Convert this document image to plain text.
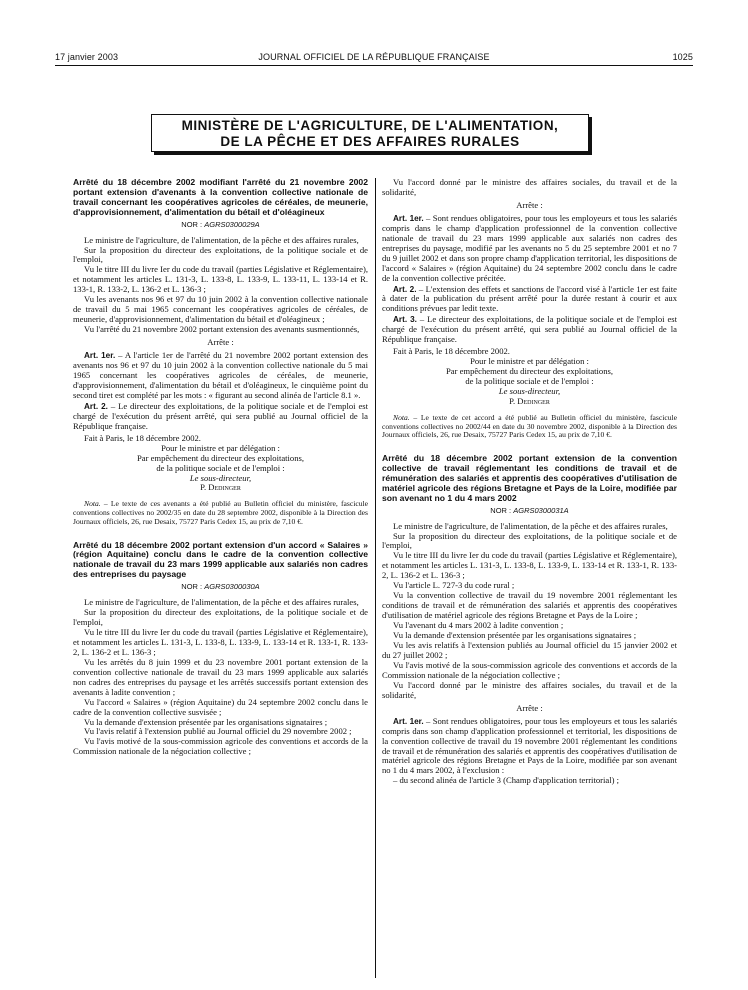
17 janvier 2003	JOURNAL OFFICIEL DE LA RÉPUBLIQUE FRANÇAISE	1025
MINISTÈRE DE L'AGRICULTURE, DE L'ALIMENTATION,
DE LA PÊCHE ET DES AFFAIRES RURALES

Arrêté du 18 décembre 2002 modifiant l'arrêté du 21 novembre 2002 portant extension d'avenants à la convention collective nationale de travail concernant les coopératives agricoles de céréales, de meunerie, d'approvisionnement, d'alimentation du bétail et d'oléagineux

NOR : AGRS0300029A

Le ministre de l'agriculture, de l'alimentation, de la pêche et des affaires rurales,

Sur la proposition du directeur des exploitations, de la politique sociale et de l'emploi,

Vu le titre III du livre Ier du code du travail (parties Législative et Réglementaire), et notamment les articles L. 131-3, L. 133-8, L. 133-9, L. 133-11, L. 133-14 et R. 133-1, R. 133-2, L. 136-2 et L. 136-3 ;

Vu les avenants nos 96 et 97 du 10 juin 2002 à la convention collective nationale de travail du 5 mai 1965 concernant les coopératives agricoles de céréales, de meunerie, d'approvisionnement, d'alimentation du bétail et d'oléagineux ;

Vu l'arrêté du 21 novembre 2002 portant extension des avenants susmentionnés,

Arrête :

Art. 1er. – A l'article 1er de l'arrêté du 21 novembre 2002 portant extension des avenants nos 96 et 97 du 10 juin 2002 à la convention collective nationale du 5 mai 1965 concernant les coopératives agricoles de céréales, de meunerie, d'approvisionnement, d'alimentation du bétail et d'oléagineux, le cinquième point du second tiret est complété par les mots : « figurant au second alinéa de l'article 8.1 ».

Art. 2. – Le directeur des exploitations, de la politique sociale et de l'emploi est chargé de l'exécution du présent arrêté, qui sera publié au Journal officiel de la République française.

Fait à Paris, le 18 décembre 2002.

Pour le ministre et par délégation :

Par empêchement du directeur des exploitations,

de la politique sociale et de l'emploi :

Le sous-directeur,

P. Dedinger

Nota. – Le texte de ces avenants a été publié au Bulletin officiel du ministère, fascicule conventions collectives no 2002/35 en date du 28 septembre 2002, disponible à la Direction des Journaux officiels, 26, rue Desaix, 75727 Paris Cedex 15, au prix de 7,10 €.

Arrêté du 18 décembre 2002 portant extension d'un accord « Salaires » (région Aquitaine) conclu dans le cadre de la convention collective nationale de travail du 23 mars 1999 applicable aux salariés non cadres des entreprises du paysage

NOR : AGRS0300030A

Le ministre de l'agriculture, de l'alimentation, de la pêche et des affaires rurales,

Sur la proposition du directeur des exploitations, de la politique sociale et de l'emploi,

Vu le titre III du livre Ier du code du travail (parties Législative et Réglementaire), et notamment les articles L. 131-3, L. 133-8, L. 133-9, L. 133-14 et R. 133-1, R. 133-2, L. 136-2 et L. 136-3 ;

Vu les arrêtés du 8 juin 1999 et du 23 novembre 2001 portant extension de la convention collective nationale de travail du 23 mars 1999 applicable aux salariés non cadres des entreprises du paysage et les arrêtés successifs portant extension des avenants à ladite convention ;

Vu l'accord « Salaires » (région Aquitaine) du 24 septembre 2002 conclu dans le cadre de la convention collective susvisée ;

Vu la demande d'extension présentée par les organisations signataires ;

Vu l'avis relatif à l'extension publié au Journal officiel du 29 novembre 2002 ;

Vu l'avis motivé de la sous-commission agricole des conventions et accords de la Commission nationale de la négociation collective ;

Vu l'accord donné par le ministre des affaires sociales, du travail et de la solidarité,

Arrête :

Art. 1er. – Sont rendues obligatoires, pour tous les employeurs et tous les salariés compris dans le champ d'application professionnel de la convention collective nationale de travail du 23 mars 1999 applicable aux salariés non cadres des entreprises du paysage, modifié par les avenants no 5 du 25 septembre 2001 et no 7 du 9 juillet 2002 et dans son propre champ d'application territorial, les dispositions de l'accord « Salaires » (région Aquitaine) du 24 septembre 2002 conclu dans le cadre de la convention collective précitée.

Art. 2. – L'extension des effets et sanctions de l'accord visé à l'article 1er est faite à dater de la publication du présent arrêté pour la durée restant à courir et aux conditions prévues par ledit texte.

Art. 3. – Le directeur des exploitations, de la politique sociale et de l'emploi est chargé de l'exécution du présent arrêté, qui sera publié au Journal officiel de la République française.

Fait à Paris, le 18 décembre 2002.

Pour le ministre et par délégation :

Par empêchement du directeur des exploitations,

de la politique sociale et de l'emploi :

Le sous-directeur,

P. Dedinger

Nota. – Le texte de cet accord a été publié au Bulletin officiel du ministère, fascicule conventions collectives no 2002/44 en date du 30 novembre 2002, disponible à la Direction des Journaux officiels, 26, rue Desaix, 75727 Paris Cedex 15, au prix de 7,10 €.

Arrêté du 18 décembre 2002 portant extension de la convention collective de travail réglementant les conditions de travail et de rémunération des salariés et apprentis des coopératives d'utilisation de matériel agricole des régions Bretagne et Pays de la Loire, modifiée par son avenant no 1 du 4 mars 2002

NOR : AGRS0300031A

Le ministre de l'agriculture, de l'alimentation, de la pêche et des affaires rurales,

Sur la proposition du directeur des exploitations, de la politique sociale et de l'emploi,

Vu le titre III du livre Ier du code du travail (parties Législative et Réglementaire), et notamment les articles L. 131-3, L. 133-8, L. 133-9, L. 133-14 et R. 133-1, R. 133-2, L. 136-2 et L. 136-3 ;

Vu l'article L. 727-3 du code rural ;

Vu la convention collective de travail du 19 novembre 2001 réglementant les conditions de travail et de rémunération des salariés et apprentis des coopératives d'utilisation de matériel agricole des régions Bretagne et Pays de la Loire ;

Vu l'avenant du 4 mars 2002 à ladite convention ;

Vu la demande d'extension présentée par les organisations signataires ;

Vu les avis relatifs à l'extension publiés au Journal officiel du 15 janvier 2002 et du 27 juillet 2002 ;

Vu l'avis motivé de la sous-commission agricole des conventions et accords de la Commission nationale de la négociation collective ;

Vu l'accord donné par le ministre des affaires sociales, du travail et de la solidarité,

Arrête :

Art. 1er. – Sont rendues obligatoires, pour tous les employeurs et tous les salariés compris dans son champ d'application professionnel et territorial, les dispositions de la convention collective de travail du 19 novembre 2001 réglementant les conditions de travail et de rémunération des salariés et apprentis des coopératives d'utilisation de matériel agricole des régions Bretagne et Pays de la Loire, modifiée par son avenant no 1 du 4 mars 2002, à l'exclusion :

– du second alinéa de l'article 3 (Champ d'application territorial) ;
